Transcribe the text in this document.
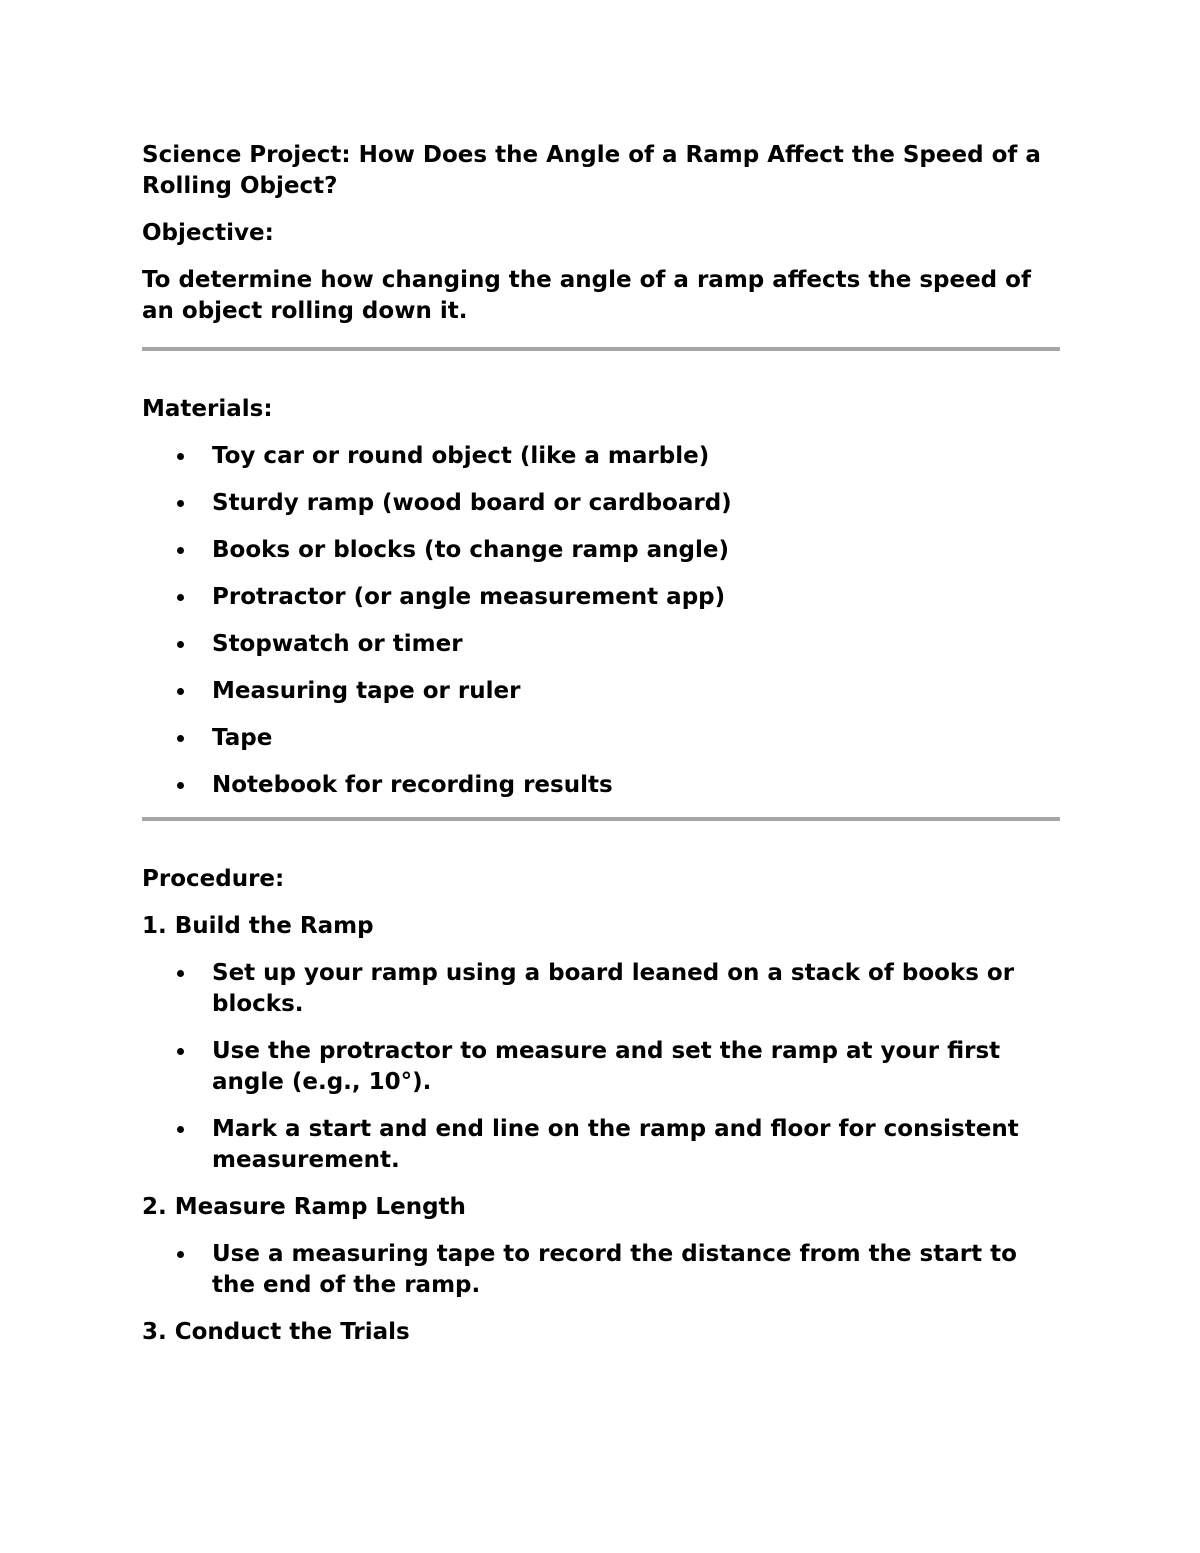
Science Project: How Does the Angle of a Ramp Affect the Speed of a Rolling Object?

Objective:

To determine how changing the angle of a ramp affects the speed of an object rolling down it.

Materials:

Toy car or round object (like a marble)
Sturdy ramp (wood board or cardboard)
Books or blocks (to change ramp angle)
Protractor (or angle measurement app)
Stopwatch or timer
Measuring tape or ruler
Tape
Notebook for recording results

Procedure:

1. Build the Ramp

Set up your ramp using a board leaned on a stack of books or blocks.
Use the protractor to measure and set the ramp at your first angle (e.g., 10°).
Mark a start and end line on the ramp and floor for consistent measurement.

2. Measure Ramp Length

Use a measuring tape to record the distance from the start to the end of the ramp.

3. Conduct the Trials
